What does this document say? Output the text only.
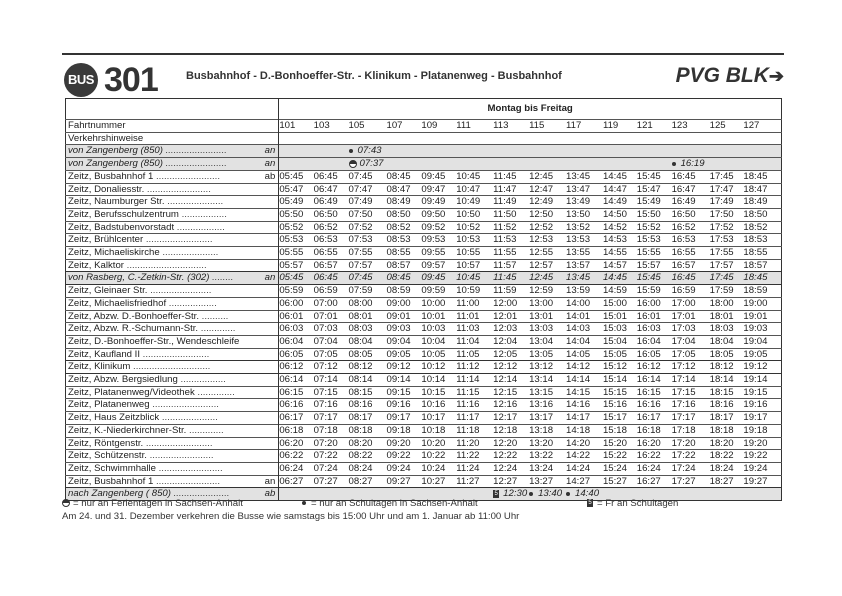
BUS 301	Busbahnhof - D.-Bonhoeffer-Str. - Klinikum - Platanenweg - Busbahnhof	PVG BLK➔
	Montag bis Freitag													
Fahrtnummer	101	103	105	107	109	111	113	115	117	119	121	123	125	127
Verkehrshinweise														
von Zangenberg (850) ....................... an			07:43											
von Zangenberg (850) ....................... an			07:37									16:19		
Zeitz, Busbahnhof 1 ........................ ab	05:45	06:45	07:45	08:45	09:45	10:45	11:45	12:45	13:45	14:45	15:45	16:45	17:45	18:45
Zeitz, Donaliesstr. ........................	05:47	06:47	07:47	08:47	09:47	10:47	11:47	12:47	13:47	14:47	15:47	16:47	17:47	18:47
Zeitz, Naumburger Str. .....................	05:49	06:49	07:49	08:49	09:49	10:49	11:49	12:49	13:49	14:49	15:49	16:49	17:49	18:49
Zeitz, Berufsschulzentrum .................	05:50	06:50	07:50	08:50	09:50	10:50	11:50	12:50	13:50	14:50	15:50	16:50	17:50	18:50
Zeitz, Badstubenvorstadt ..................	05:52	06:52	07:52	08:52	09:52	10:52	11:52	12:52	13:52	14:52	15:52	16:52	17:52	18:52
Zeitz, Brühlcenter .........................	05:53	06:53	07:53	08:53	09:53	10:53	11:53	12:53	13:53	14:53	15:53	16:53	17:53	18:53
Zeitz, Michaeliskirche .....................	05:55	06:55	07:55	08:55	09:55	10:55	11:55	12:55	13:55	14:55	15:55	16:55	17:55	18:55
Zeitz, Kalktor ..............................	05:57	06:57	07:57	08:57	09:57	10:57	11:57	12:57	13:57	14:57	15:57	16:57	17:57	18:57
von Rasberg, C.-Zetkin-Str. (302) ........ an	05:45	06:45	07:45	08:45	09:45	10:45	11:45	12:45	13:45	14:45	15:45	16:45	17:45	18:45
Zeitz, Gleinaer Str. .......................	05:59	06:59	07:59	08:59	09:59	10:59	11:59	12:59	13:59	14:59	15:59	16:59	17:59	18:59
Zeitz, Michaelisfriedhof ..................	06:00	07:00	08:00	09:00	10:00	11:00	12:00	13:00	14:00	15:00	16:00	17:00	18:00	19:00
Zeitz, Abzw. D.-Bonhoeffer-Str. ..........	06:01	07:01	08:01	09:01	10:01	11:01	12:01	13:01	14:01	15:01	16:01	17:01	18:01	19:01
Zeitz, Abzw. R.-Schumann-Str. .............	06:03	07:03	08:03	09:03	10:03	11:03	12:03	13:03	14:03	15:03	16:03	17:03	18:03	19:03
Zeitz, D.-Bonhoeffer-Str., Wendeschleife	06:04	07:04	08:04	09:04	10:04	11:04	12:04	13:04	14:04	15:04	16:04	17:04	18:04	19:04
Zeitz, Kaufland II .........................	06:05	07:05	08:05	09:05	10:05	11:05	12:05	13:05	14:05	15:05	16:05	17:05	18:05	19:05
Zeitz, Klinikum .............................	06:12	07:12	08:12	09:12	10:12	11:12	12:12	13:12	14:12	15:12	16:12	17:12	18:12	19:12
Zeitz, Abzw. Bergsiedlung .................	06:14	07:14	08:14	09:14	10:14	11:14	12:14	13:14	14:14	15:14	16:14	17:14	18:14	19:14
Zeitz, Platanenweg/Videothek ..............	06:15	07:15	08:15	09:15	10:15	11:15	12:15	13:15	14:15	15:15	16:15	17:15	18:15	19:15
Zeitz, Platanenweg .........................	06:16	07:16	08:16	09:16	10:16	11:16	12:16	13:16	14:16	15:16	16:16	17:16	18:16	19:16
Zeitz, Haus Zeitzblick .....................	06:17	07:17	08:17	09:17	10:17	11:17	12:17	13:17	14:17	15:17	16:17	17:17	18:17	19:17
Zeitz, K.-Niederkirchner-Str. .............	06:18	07:18	08:18	09:18	10:18	11:18	12:18	13:18	14:18	15:18	16:18	17:18	18:18	19:18
Zeitz, Röntgenstr. .........................	06:20	07:20	08:20	09:20	10:20	11:20	12:20	13:20	14:20	15:20	16:20	17:20	18:20	19:20
Zeitz, Schützenstr. ........................	06:22	07:22	08:22	09:22	10:22	11:22	12:22	13:22	14:22	15:22	16:22	17:22	18:22	19:22
Zeitz, Schwimmhalle ........................	06:24	07:24	08:24	09:24	10:24	11:24	12:24	13:24	14:24	15:24	16:24	17:24	18:24	19:24
Zeitz, Busbahnhof 1 ........................ an	06:27	07:27	08:27	09:27	10:27	11:27	12:27	13:27	14:27	15:27	16:27	17:27	18:27	19:27
nach Zangenberg ( 850) ..................... ab							5 12:30	13:40	14:40					
= nur an Ferientagen in Sachsen-Anhalt	= nur an Schultagen in Sachsen-Anhalt	5 = Fr an Schultagen
Am 24. und 31. Dezember verkehren die Busse wie samstags bis 15:00 Uhr und am 1. Januar ab 11:00 Uhr
